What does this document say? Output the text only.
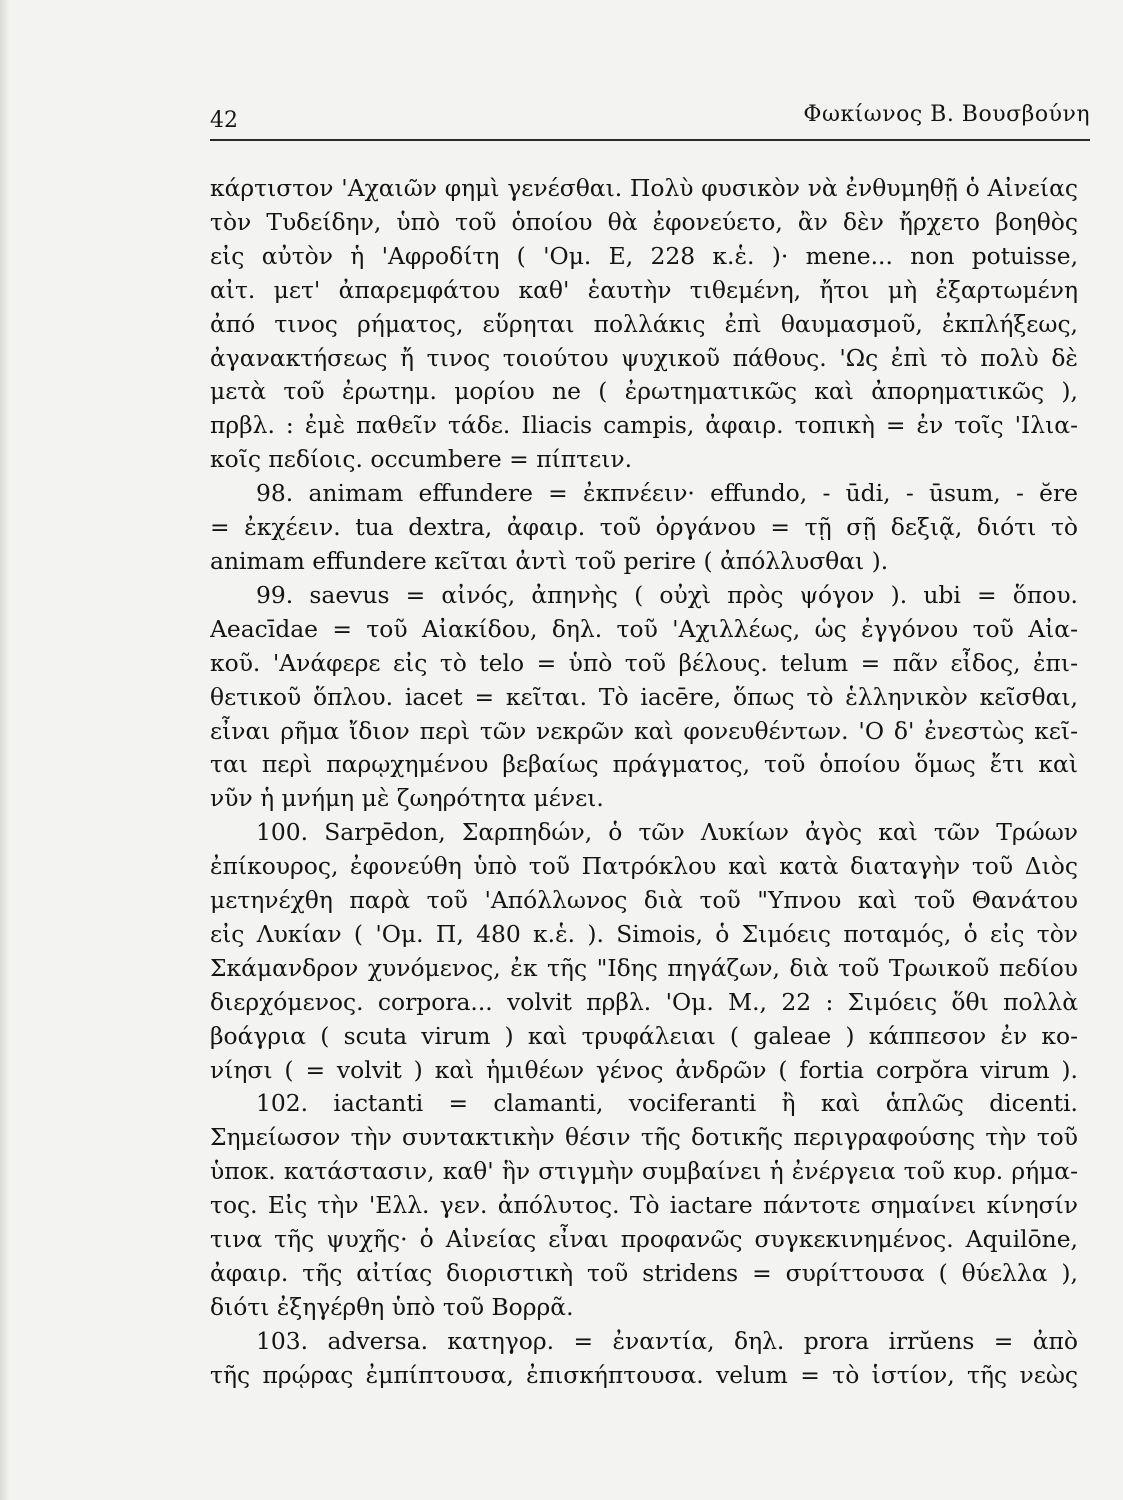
42	Φωκίωνος Β. Βουσβούνη
κάρτιστον 'Αχαιῶν φημὶ γενέσθαι. Πολὺ φυσικὸν νὰ ἐνθυμηθῇ ὁ Αἰνείας
τὸν Τυδείδην, ὑπὸ τοῦ ὁποίου θὰ ἐφονεύετο, ἂν δὲν ἤρχετο βοηθὸς
εἰς αὐτὸν ἡ 'Αφροδίτη ( 'Ομ. Ε, 228 κ.ἑ. )· mene... non potuisse,
αἰτ. μετ' ἀπαρεμφάτου καθ' ἑαυτὴν τιθεμένη, ἤτοι μὴ ἐξαρτωμένη
ἀπό τινος ρήματος, εὕρηται πολλάκις ἐπὶ θαυμασμοῦ, ἐκπλήξεως,
ἀγανακτήσεως ἤ τινος τοιούτου ψυχικοῦ πάθους. 'Ως ἐπὶ τὸ πολὺ δὲ
μετὰ τοῦ ἐρωτημ. μορίου ne ( ἐρωτηματικῶς καὶ ἀπορηματικῶς ),
πρβλ. : ἐμὲ παθεῖν τάδε. Iliacis campis, ἀφαιρ. τοπικὴ = ἐν τοῖς 'Ιλια-
κοῖς πεδίοις. occumbere = πίπτειν.
98. animam effundere = ἐκπνέειν· effundo, - ūdi, - ūsum, - ĕre
= ἐκχέειν. tua dextra, ἀφαιρ. τοῦ ὀργάνου = τῇ σῇ δεξιᾷ, διότι τὸ
animam effundere κεῖται ἀντὶ τοῦ perire ( ἀπόλλυσθαι ).
99. saevus = αἰνός, ἀπηνὴς ( οὐχὶ πρὸς ψόγον ). ubi = ὅπου.
Aeacīdae = τοῦ Αἰακίδου, δηλ. τοῦ 'Αχιλλέως, ὡς ἐγγόνου τοῦ Αἰα-
κοῦ. 'Ανάφερε εἰς τὸ telo = ὑπὸ τοῦ βέλους. telum = πᾶν εἶδος, ἐπι-
θετικοῦ ὅπλου. iacet = κεῖται. Τὸ iacēre, ὅπως τὸ ἑλληνικὸν κεῖσθαι,
εἶναι ρῆμα ἴδιον περὶ τῶν νεκρῶν καὶ φονευθέντων. 'Ο δ' ἐνεστὼς κεῖ-
ται περὶ παρῳχημένου βεβαίως πράγματος, τοῦ ὁποίου ὅμως ἔτι καὶ
νῦν ἡ μνήμη μὲ ζωηρότητα μένει.
100. Sarpēdon, Σαρπηδών, ὁ τῶν Λυκίων ἀγὸς καὶ τῶν Τρώων
ἐπίκουρος, ἐφονεύθη ὑπὸ τοῦ Πατρόκλου καὶ κατὰ διαταγὴν τοῦ Διὸς
μετηνέχθη παρὰ τοῦ 'Απόλλωνος διὰ τοῦ "Υπνου καὶ τοῦ Θανάτου
εἰς Λυκίαν ( 'Ομ. Π, 480 κ.ἑ. ). Simois, ὁ Σιμόεις ποταμός, ὁ εἰς τὸν
Σκάμανδρον χυνόμενος, ἐκ τῆς "Ιδης πηγάζων, διὰ τοῦ Τρωικοῦ πεδίου
διερχόμενος. corpora... volvit πρβλ. 'Ομ. Μ., 22 : Σιμόεις ὅθι πολλὰ
βοάγρια ( scuta virum ) καὶ τρυφάλειαι ( galeae ) κάππεσον ἐν κο-
νίησι ( = volvit ) καὶ ἡμιθέων γένος ἀνδρῶν ( fortia corpŏra virum ).
102. iactanti = clamanti, vociferanti ἢ καὶ ἁπλῶς dicenti.
Σημείωσον τὴν συντακτικὴν θέσιν τῆς δοτικῆς περιγραφούσης τὴν τοῦ
ὑποκ. κατάστασιν, καθ' ἣν στιγμὴν συμβαίνει ἡ ἐνέργεια τοῦ κυρ. ρήμα-
τος. Εἰς τὴν 'Ελλ. γεν. ἀπόλυτος. Τὸ iactare πάντοτε σημαίνει κίνησίν
τινα τῆς ψυχῆς· ὁ Αἰνείας εἶναι προφανῶς συγκεκινημένος. Aquilōne,
ἀφαιρ. τῆς αἰτίας διοριστικὴ τοῦ stridens = συρίττουσα ( θύελλα ),
διότι ἐξηγέρθη ὑπὸ τοῦ Βορρᾶ.
103. adversa. κατηγορ. = ἐναντία, δηλ. prora irrŭens = ἀπὸ
τῆς πρῴρας ἐμπίπτουσα, ἐπισκήπτουσα. velum = τὸ ἱστίον, τῆς νεὼς
